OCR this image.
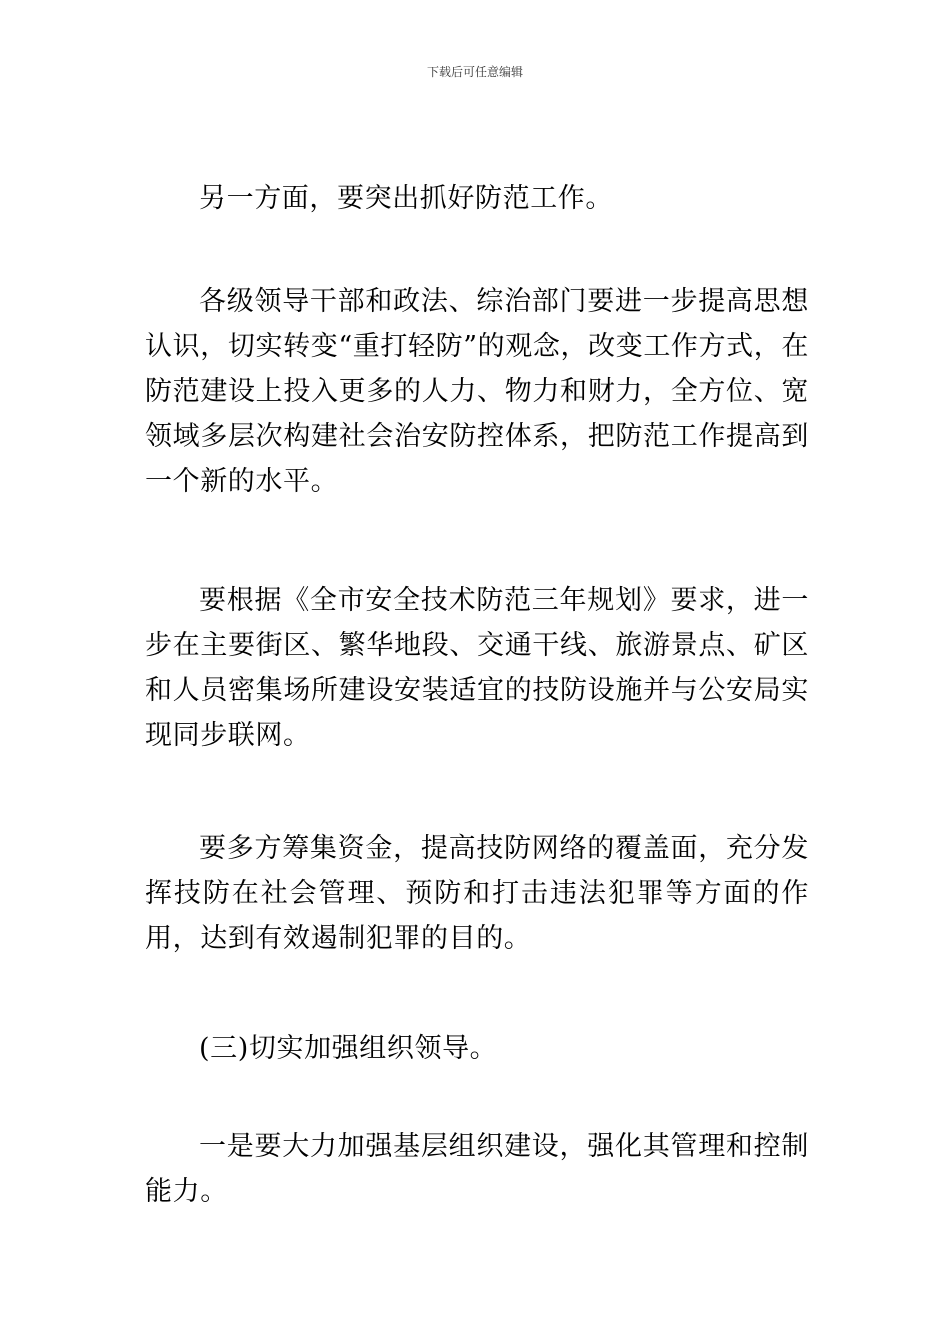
下载后可任意编辑

另一方面，要突出抓好防范工作。

各级领导干部和政法、综治部门要进一步提高思想认识，切实转变“重打轻防”的观念，改变工作方式，在防范建设上投入更多的人力、物力和财力，全方位、宽领域多层次构建社会治安防控体系，把防范工作提高到一个新的水平。

要根据《全市安全技术防范三年规划》要求，进一步在主要街区、繁华地段、交通干线、旅游景点、矿区和人员密集场所建设安装适宜的技防设施并与公安局实现同步联网。

要多方筹集资金，提高技防网络的覆盖面，充分发挥技防在社会管理、预防和打击违法犯罪等方面的作用，达到有效遏制犯罪的目的。

(三)切实加强组织领导。

一是要大力加强基层组织建设，强化其管理和控制能力。
